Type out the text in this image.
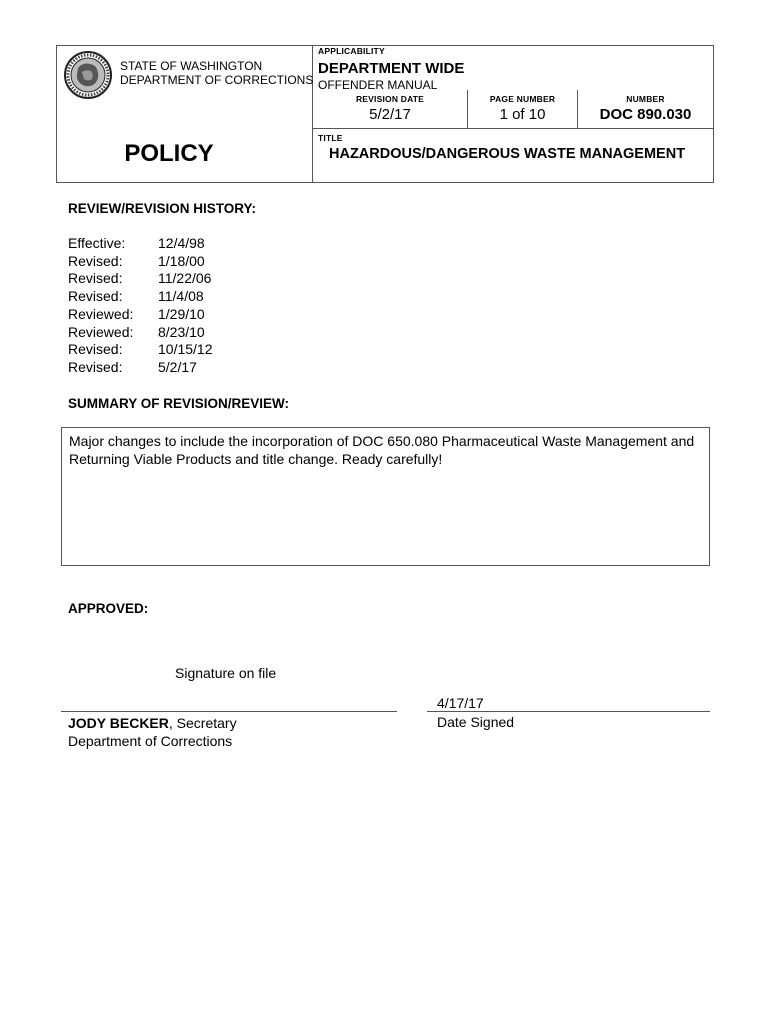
STATE OF WASHINGTON
DEPARTMENT OF CORRECTIONS
POLICY
APPLICABILITY
DEPARTMENT WIDE
OFFENDER MANUAL
REVISION DATE	PAGE NUMBER	NUMBER
5/2/17	1 of 10	DOC 890.030
TITLE
HAZARDOUS/DANGEROUS WASTE MANAGEMENT
REVIEW/REVISION HISTORY:
Effective:	12/4/98
Revised:	1/18/00
Revised:	11/22/06
Revised:	11/4/08
Reviewed:	1/29/10
Reviewed:	8/23/10
Revised:	10/15/12
Revised:	5/2/17
SUMMARY OF REVISION/REVIEW:
Major changes to include the incorporation of DOC 650.080 Pharmaceutical Waste Management and Returning Viable Products and title change. Ready carefully!
APPROVED:
Signature on file
4/17/17
JODY BECKER, Secretary
Department of Corrections
Date Signed
